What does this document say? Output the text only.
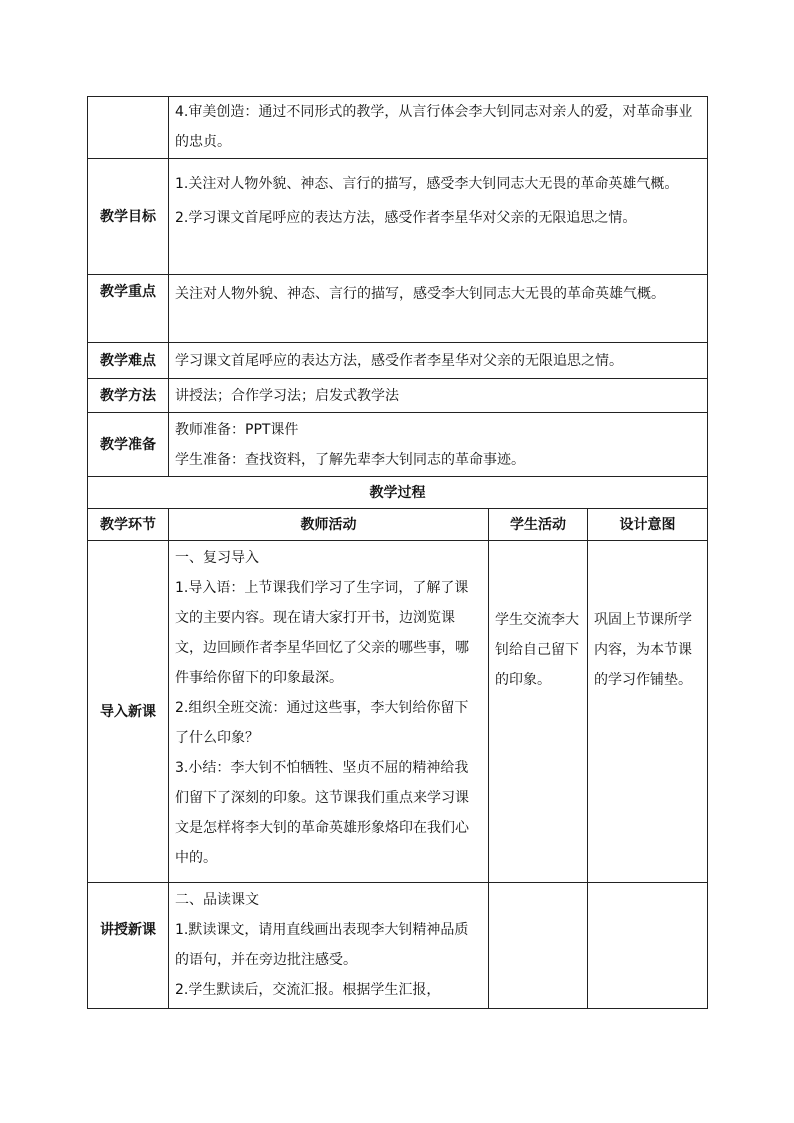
	4.审美创造：通过不同形式的教学，从言行体会李大钊同志对亲人的爱，对革命事业的忠贞。

教学目标	1.关注对人物外貌、神态、言行的描写，感受李大钊同志大无畏的革命英雄气概。

2.学习课文首尾呼应的表达方法，感受作者李星华对父亲的无限追思之情。

教学重点	关注对人物外貌、神态、言行的描写，感受李大钊同志大无畏的革命英雄气概。

教学难点	学习课文首尾呼应的表达方法，感受作者李星华对父亲的无限追思之情。

教学方法	讲授法；合作学习法；启发式教学法

教学准备	教师准备：PPT课件

学生准备：查找资料，了解先辈李大钊同志的革命事迹。

教学过程			
教学环节	教师活动	学生活动	设计意图
导入新课	一、复习导入

1.导入语：上节课我们学习了生字词，了解了课文的主要内容。现在请大家打开书，边浏览课文，边回顾作者李星华回忆了父亲的哪些事，哪件事给你留下的印象最深。

2.组织全班交流：通过这些事，李大钊给你留下了什么印象？

3.小结：李大钊不怕牺牲、坚贞不屈的精神给我们留下了深刻的印象。这节课我们重点来学习课文是怎样将李大钊的革命英雄形象烙印在我们心中的。	学生交流李大钊给自己留下的印象。	巩固上节课所学内容，为本节课的学习作铺垫。
讲授新课	二、品读课文

1.默读课文，请用直线画出表现李大钊精神品质的语句，并在旁边批注感受。

2.学生默读后，交流汇报。根据学生汇报，		
